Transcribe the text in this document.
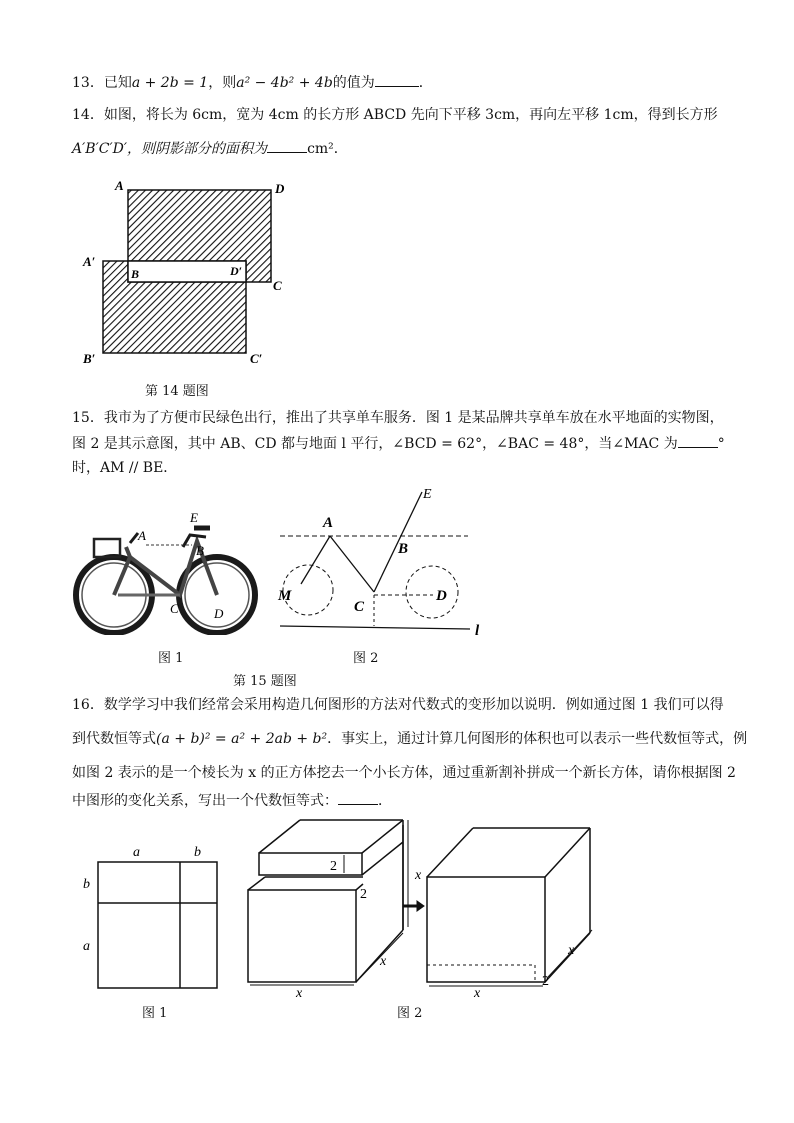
13．已知a + 2b = 1，则a² − 4b² + 4b的值为	．
14．如图，将长为 6cm，宽为 4cm 的长方形 ABCD 先向下平移 3cm，再向左平移 1cm，得到长方形
A′B′C′D′，则阴影部分的面积为	cm²．
A	D
A′
B	D′
C
B′	C′
第 14 题图
15．我市为了方便市民绿色出行，推出了共享单车服务．图 1 是某品牌共享单车放在水平地面的实物图，
图 2 是其示意图，其中 AB、CD 都与地面 l 平行，∠BCD = 62°，∠BAC = 48°，当∠MAC 为	°
时，AM // BE．
A
E
B
M	C	D
图 1
E
A
B
M
C
D
l
图 2
第 15 题图
16．数学学习中我们经常会采用构造几何图形的方法对代数式的变形加以说明．例如通过图 1 我们可以得
到代数恒等式(a + b)² = a² + 2ab + b²．事实上，通过计算几何图形的体积也可以表示一些代数恒等式，例
如图 2 表示的是一个棱长为 x 的正方体挖去一个小长方体，通过重新割补拼成一个新长方体，请你根据图 2
中图形的变化关系，写出一个代数恒等式：	．
a	b
b
a
图 1
2
2
x
x
x
x
x
2
图 2
